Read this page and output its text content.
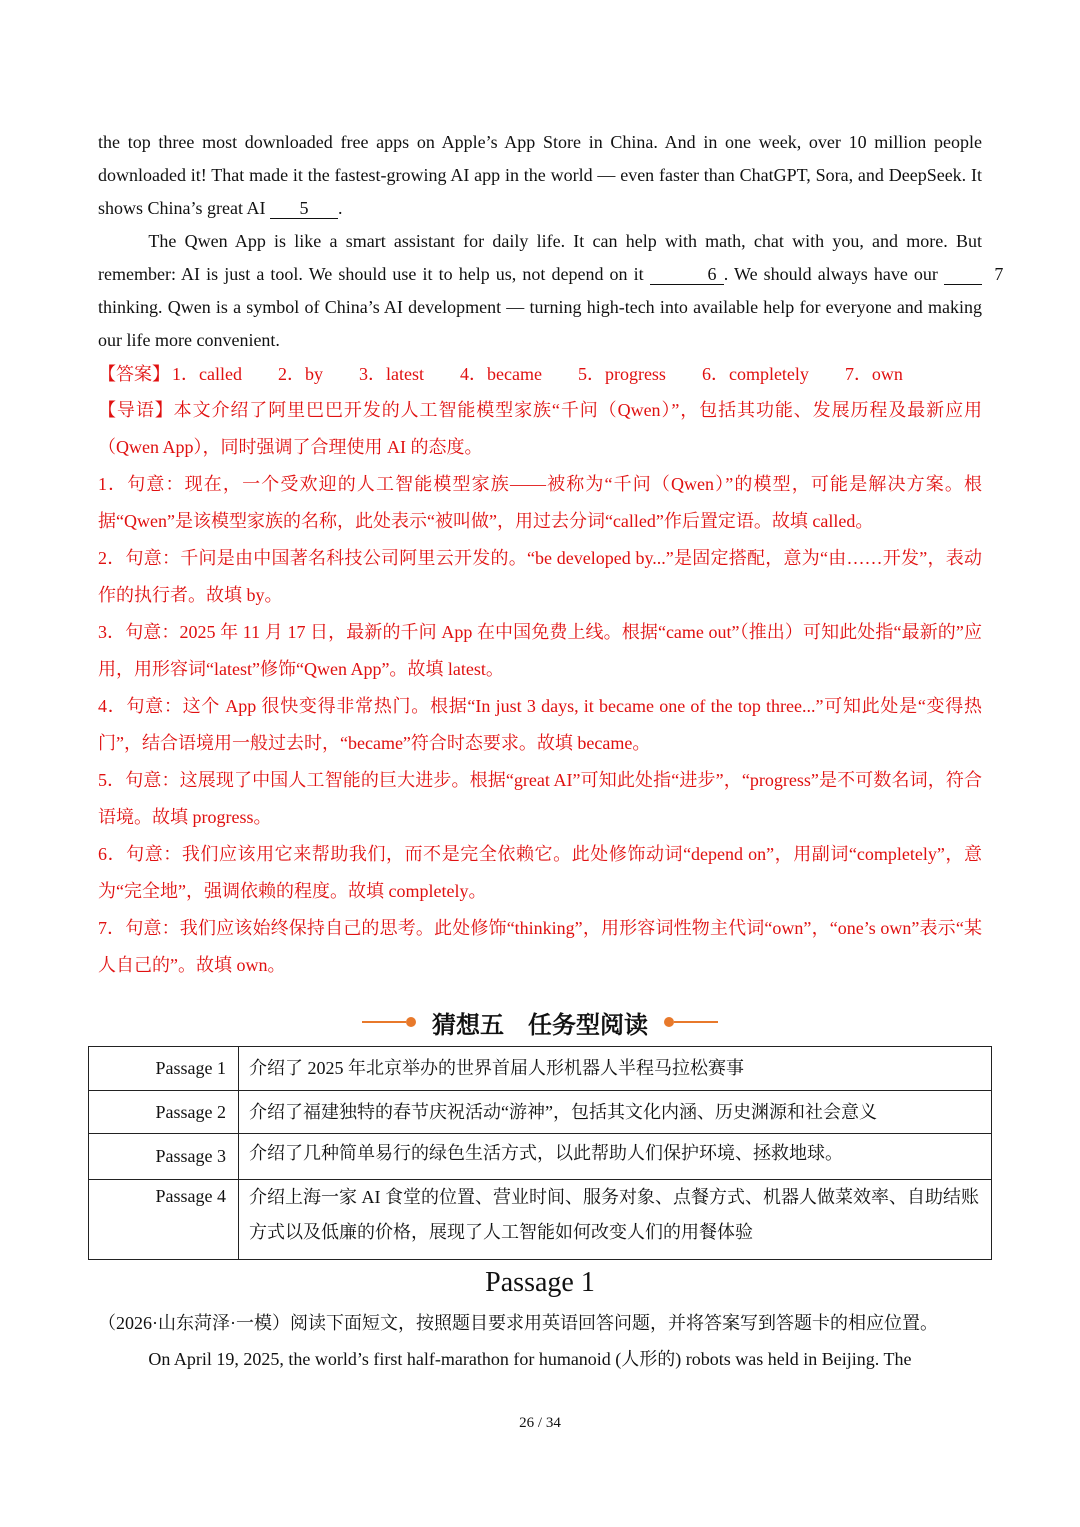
the top three most downloaded free apps on Apple’s App Store in China. And in one week, over 10 million people downloaded it! That made it the fastest-growing AI app in the world — even faster than ChatGPT, Sora, and DeepSeek. It shows China’s great AI 5 .

The Qwen App is like a smart assistant for daily life. It can help with math, chat with you, and more. But remember: AI is just a tool. We should use it to help us, not depend on it	6 . We should always have our	7 thinking. Qwen is a symbol of China’s AI development — turning high-tech into available help for everyone and making our life more convenient.

【答案】 1．called 2．by 3．latest 4．became 5．progress 6．completely 7．own

【导语】本文介绍了阿里巴巴开发的人工智能模型家族“千问（Qwen）”，包括其功能、发展历程及最新应用（Qwen App），同时强调了合理使用 AI 的态度。

1．句意：现在，一个受欢迎的人工智能模型家族——被称为“千问（Qwen）”的模型，可能是解决方案。根据“Qwen”是该模型家族的名称，此处表示“被叫做”，用过去分词“called”作后置定语。故填 called。

2．句意：千问是由中国著名科技公司阿里云开发的。“be developed by...”是固定搭配，意为“由……开发”，表动作的执行者。故填 by。

3．句意：2025 年 11 月 17 日，最新的千问 App 在中国免费上线。根据“came out”（推出）可知此处指“最新的”应用，用形容词“latest”修饰“Qwen App”。故填 latest。

4．句意：这个 App 很快变得非常热门。根据“In just 3 days, it became one of the top three...”可知此处是“变得热门”，结合语境用一般过去时，“became”符合时态要求。故填 became。

5．句意：这展现了中国人工智能的巨大进步。根据“great AI”可知此处指“进步”，“progress”是不可数名词，符合语境。故填 progress。

6．句意：我们应该用它来帮助我们，而不是完全依赖它。此处修饰动词“depend on”，用副词“completely”，意为“完全地”，强调依赖的程度。故填 completely。

7．句意：我们应该始终保持自己的思考。此处修饰“thinking”，用形容词性物主代词“own”，“one’s own”表示“某人自己的”。故填 own。

猜想五　任务型阅读
Passage 1	介绍了 2025 年北京举办的世界首届人形机器人半程马拉松赛事
Passage 2	介绍了福建独特的春节庆祝活动“游神”，包括其文化内涵、历史渊源和社会意义
Passage 3	介绍了几种简单易行的绿色生活方式，以此帮助人们保护环境、拯救地球。
Passage 4	介绍上海一家 AI 食堂的位置、营业时间、服务对象、点餐方式、机器人做菜效率、自助结账方式以及低廉的价格，展现了人工智能如何改变人们的用餐体验
Passage 1
（2026·山东菏泽·一模）阅读下面短文，按照题目要求用英语回答问题，并将答案写到答题卡的相应位置。

On April 19, 2025, the world’s first half-marathon for humanoid (人形的) robots was held in Beijing. The

26 / 34
